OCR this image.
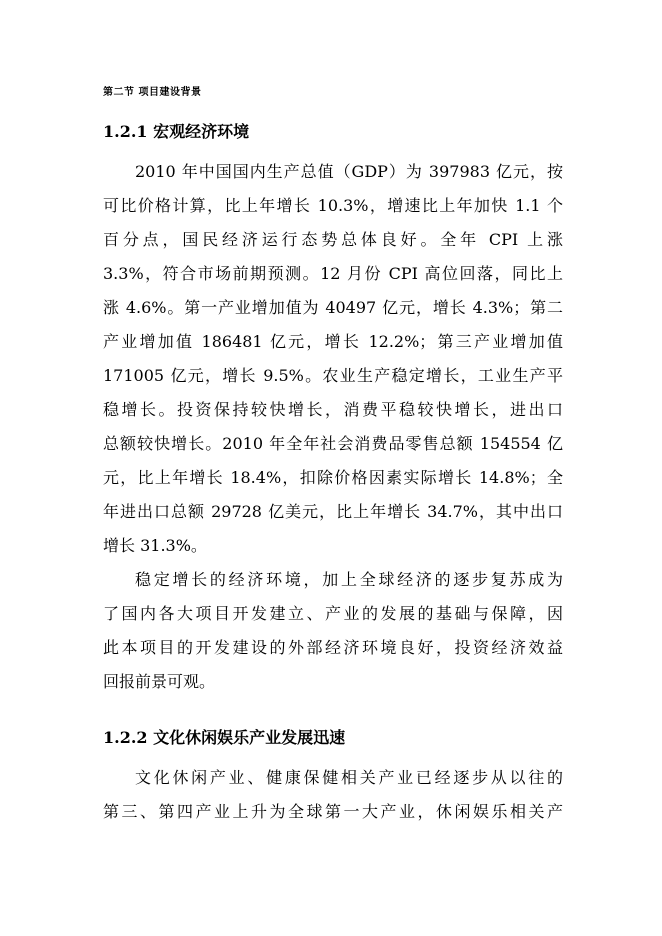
第二节 项目建设背景
1.2.1 宏观经济环境
2010 年中国国内生产总值（GDP）为 397983 亿元，按
可比价格计算，比上年增长 10.3%，增速比上年加快 1.1 个
百分点，国民经济运行态势总体良好。全年 CPI 上涨
3.3%，符合市场前期预测。12 月份 CPI 高位回落，同比上
涨 4.6%。第一产业增加值为 40497 亿元，增长 4.3%；第二
产业增加值 186481 亿元，增长 12.2%；第三产业增加值
171005 亿元，增长 9.5%。农业生产稳定增长，工业生产平
稳增长。投资保持较快增长，消费平稳较快增长，进出口
总额较快增长。2010 年全年社会消费品零售总额 154554 亿
元，比上年增长 18.4%，扣除价格因素实际增长 14.8%；全
年进出口总额 29728 亿美元，比上年增长 34.7%，其中出口
增长 31.3%。
稳定增长的经济环境，加上全球经济的逐步复苏成为
了国内各大项目开发建立、产业的发展的基础与保障，因
此本项目的开发建设的外部经济环境良好，投资经济效益
回报前景可观。
1.2.2 文化休闲娱乐产业发展迅速
文化休闲产业、健康保健相关产业已经逐步从以往的
第三、第四产业上升为全球第一大产业，休闲娱乐相关产
